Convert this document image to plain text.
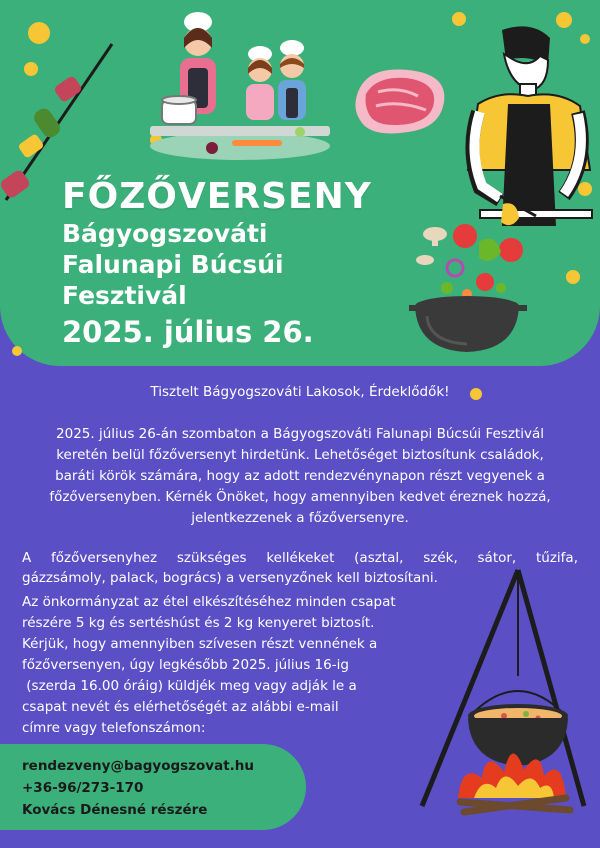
FŐZŐVERSENY
Bágyogszováti
Falunapi Búcsúi
Fesztivál
2025. július 26.
Tisztelt Bágyogszováti Lakosok, Érdeklődők!
2025. július 26-án szombaton a Bágyogszováti Falunapi Búcsúi Fesztivál
keretén belül főzőversenyt hirdetünk. Lehetőséget biztosítunk családok,
baráti körök számára, hogy az adott rendezvénynapon részt vegyenek a
főzőversenyben. Kérnék Önöket, hogy amennyiben kedvet éreznek hozzá,
jelentkezzenek a főzőversenyre.
A főzőversenyhez szükséges kellékeket (asztal, szék, sátor, tűzifa,
gázzsámoly, palack, bogrács) a versenyzőnek kell biztosítani.
Az önkormányzat az étel elkészítéséhez minden csapat
részére 5 kg és sertéshúst és 2 kg kenyeret biztosít.
Kérjük, hogy amennyiben szívesen részt vennének a
főzőversenyen, úgy legkésőbb 2025. július 16-ig
(szerda 16.00 óráig) küldjék meg vagy adják le a
csapat nevét és elérhetőségét az alábbi e-mail
címre vagy telefonszámon:
rendezveny@bagyogszovat.hu
+36-96/273-170
Kovács Dénesné részére
